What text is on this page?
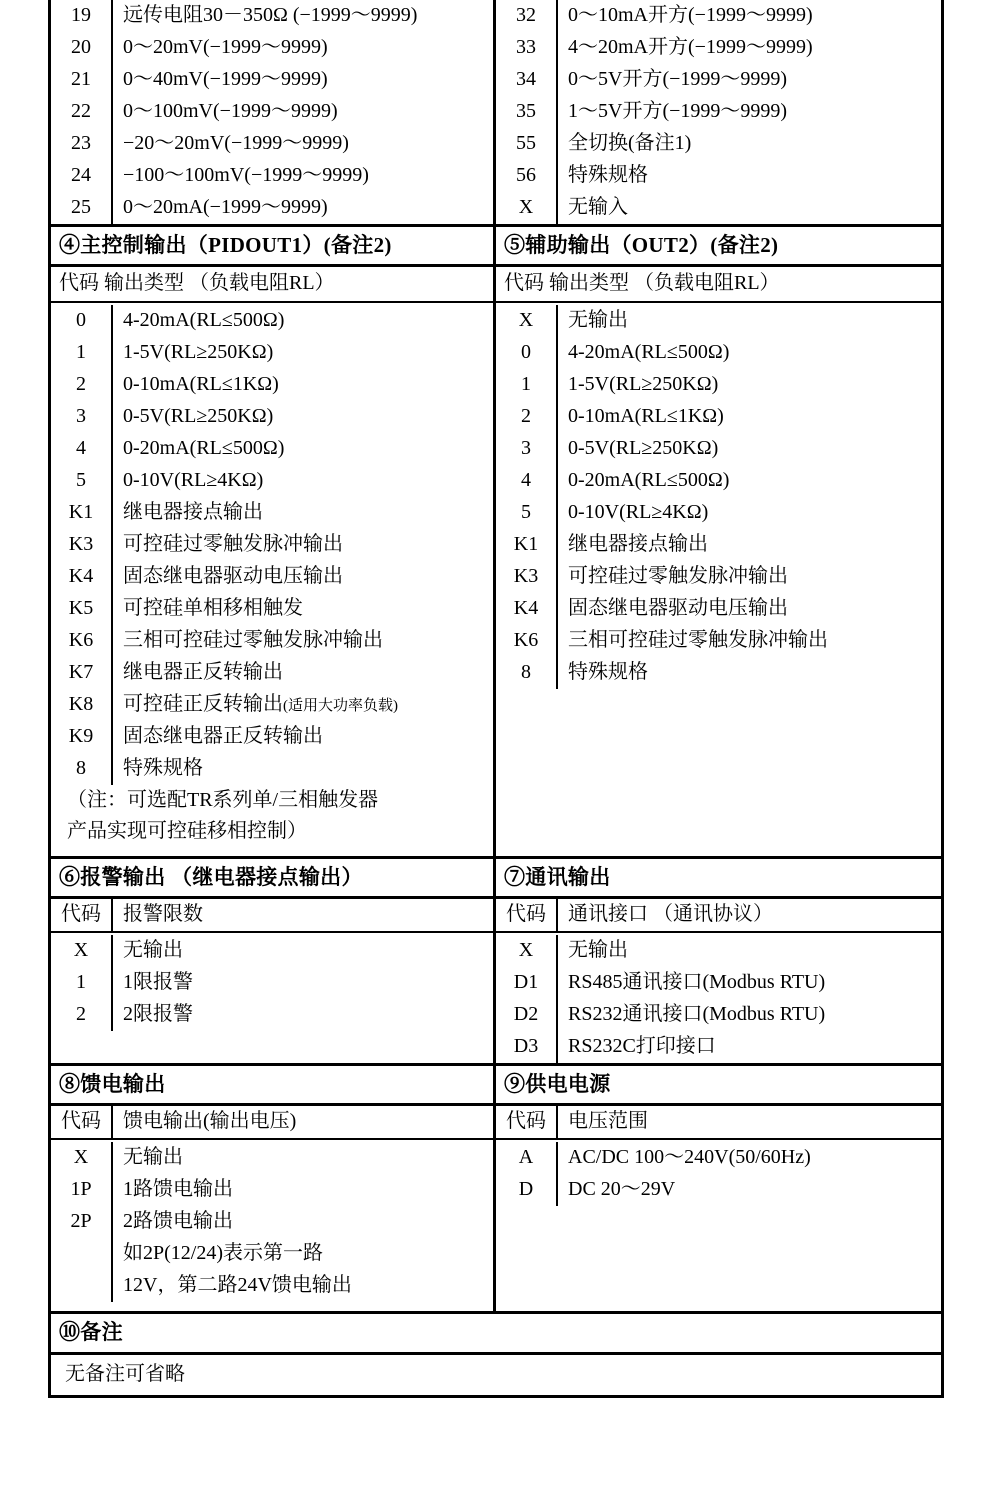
19	远传电阻30－350Ω (−1999～9999)
20	0～20mV(−1999～9999)
21	0～40mV(−1999～9999)
22	0～100mV(−1999～9999)
23	−20～20mV(−1999～9999)
24	−100～100mV(−1999～9999)
25	0～20mA(−1999～9999)
32	0～10mA开方(−1999～9999)
33	4～20mA开方(−1999～9999)
34	0～5V开方(−1999～9999)
35	1～5V开方(−1999～9999)
55	全切换(备注1)
56	特殊规格
X	无输入
④主控制输出（PIDOUT1）(备注2)	⑤辅助输出（OUT2）(备注2)
代码 输出类型 （负载电阻RL）	代码 输出类型 （负载电阻RL）
0	4-20mA(RL≤500Ω)
1	1-5V(RL≥250KΩ)
2	0-10mA(RL≤1KΩ)
3	0-5V(RL≥250KΩ)
4	0-20mA(RL≤500Ω)
5	0-10V(RL≥4KΩ)
K1	继电器接点输出
K3	可控硅过零触发脉冲输出
K4	固态继电器驱动电压输出
K5	可控硅单相移相触发
K6	三相可控硅过零触发脉冲输出
K7	继电器正反转输出
K8	可控硅正反转输出(适用大功率负载)
K9	固态继电器正反转输出
8	特殊规格
（注：可选配TR系列单/三相触发器
产品实现可控硅移相控制）
X	无输出
0	4-20mA(RL≤500Ω)
1	1-5V(RL≥250KΩ)
2	0-10mA(RL≤1KΩ)
3	0-5V(RL≥250KΩ)
4	0-20mA(RL≤500Ω)
5	0-10V(RL≥4KΩ)
K1	继电器接点输出
K3	可控硅过零触发脉冲输出
K4	固态继电器驱动电压输出
K6	三相可控硅过零触发脉冲输出
8	特殊规格
⑥报警输出 （继电器接点输出）	⑦通讯输出
代码	报警限数	代码	通讯接口 （通讯协议）
X	无输出
1	1限报警
2	2限报警
X	无输出
D1	RS485通讯接口(Modbus RTU)
D2	RS232通讯接口(Modbus RTU)
D3	RS232C打印接口
⑧馈电输出	⑨供电电源
代码	馈电输出(输出电压)	代码	电压范围
X	无输出
1P	1路馈电输出
2P	2路馈电输出
如2P(12/24)表示第一路
12V，第二路24V馈电输出
A	AC/DC 100～240V(50/60Hz)
D	DC 20～29V
⑩备注
无备注可省略
